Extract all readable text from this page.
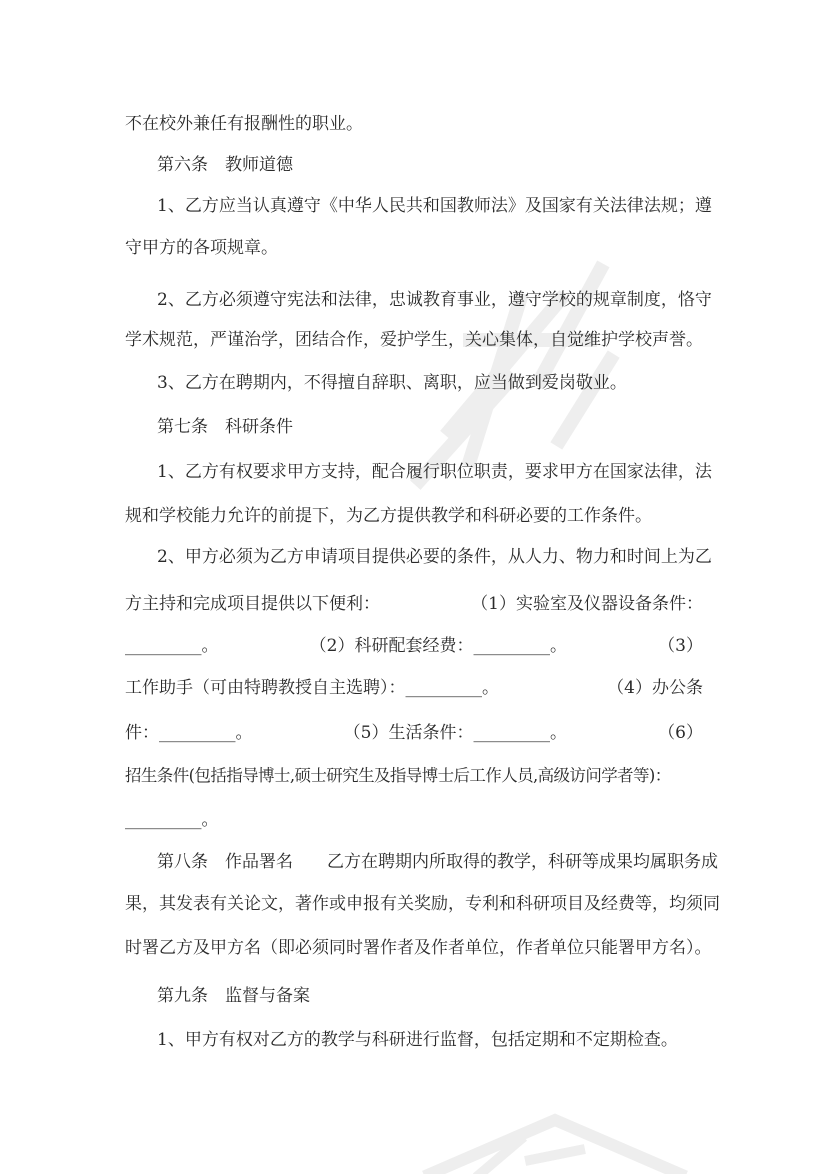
不在校外兼任有报酬性的职业。
第六条　教师道德
1、乙方应当认真遵守《中华人民共和国教师法》及国家有关法律法规；遵
守甲方的各项规章。
2、乙方必须遵守宪法和法律，忠诚教育事业，遵守学校的规章制度，恪守
学术规范，严谨治学，团结合作，爱护学生，关心集体，自觉维护学校声誉。
3、乙方在聘期内，不得擅自辞职、离职，应当做到爱岗敬业。
第七条　科研条件
1、乙方有权要求甲方支持，配合履行职位职责，要求甲方在国家法律，法
规和学校能力允许的前提下，为乙方提供教学和科研必要的工作条件。
2、甲方必须为乙方申请项目提供必要的条件，从人力、物力和时间上为乙
方主持和完成项目提供以下便利：	（1）实验室及仪器设备条件：
_________。	（2）科研配套经费：_________。	（3）
工作助手（可由特聘教授自主选聘）：_________。	（4）办公条
件：_________。	（5）生活条件：_________。	（6）
招生条件(包括指导博士,硕士研究生及指导博士后工作人员,高级访问学者等)：
_________。
第八条　作品署名　　乙方在聘期内所取得的教学，科研等成果均属职务成
果，其发表有关论文，著作或申报有关奖励，专利和科研项目及经费等，均须同
时署乙方及甲方名（即必须同时署作者及作者单位，作者单位只能署甲方名）。
第九条　监督与备案
1、甲方有权对乙方的教学与科研进行监督，包括定期和不定期检查。
